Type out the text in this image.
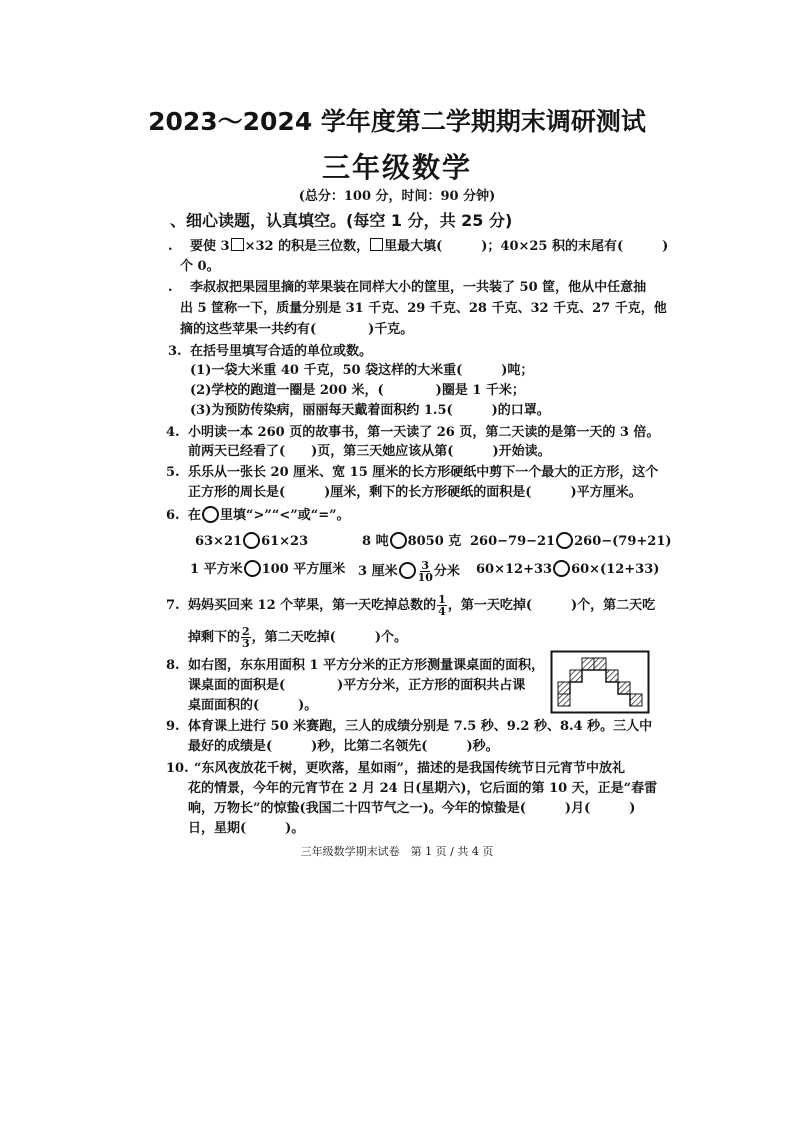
2023～2024 学年度第二学期期末调研测试
三年级数学
(总分：100 分，时间：90 分钟)
、细心读题，认真填空。(每空 1 分，共 25 分)
. 要使 3 ×32 的积是三位数， 里最大填(　　　)；40×25 积的末尾有(　　　)
个 0。
. 李叔叔把果园里摘的苹果装在同样大小的筐里，一共装了 50 筐，他从中任意抽
出 5 筐称一下，质量分别是 31 千克、29 千克、28 千克、32 千克、27 千克，他
摘的这些苹果一共约有(　　　　)千克。
3. 在括号里填写合适的单位或数。
(1)一袋大米重 40 千克，50 袋这样的大米重(　　　)吨；
(2)学校的跑道一圈是 200 米，(　　　　)圈是 1 千米；
(3)为预防传染病，丽丽每天戴着面积约 1.5(　　　)的口罩。
4. 小明读一本 260 页的故事书，第一天读了 26 页，第二天读的是第一天的 3 倍。
前两天已经看了(　　)页，第三天她应该从第(　　　)开始读。
5. 乐乐从一张长 20 厘米、宽 15 厘米的长方形硬纸中剪下一个最大的正方形，这个
正方形的周长是(　　　)厘米，剩下的长方形硬纸的面积是(　　　)平方厘米。
6. 在 里填“>”“<”或“=”。
63×21 61×23	8 吨 8050 克 260−79−21 260−(79+21)
1 平方米 100 平方厘米 3 厘米 $\frac{3}{10}$ 分米 60×12+33 60×(12+33)
7. 妈妈买回来 12 个苹果，第一天吃掉总数的 $\frac{1}{4}$ ，第一天吃掉(　　　)个，第二天吃
掉剩下的 $\frac{2}{3}$ ，第二天吃掉(　　　)个。
8. 如右图，东东用面积 1 平方分米的正方形测量课桌面的面积，
课桌面的面积是(　　　　)平方分米，正方形的面积共占课
桌面面积的(　　　)。
9. 体育课上进行 50 米赛跑，三人的成绩分别是 7.5 秒、9.2 秒、8.4 秒。三人中
最好的成绩是(　　　)秒，比第二名领先(　　　)秒。
10. “东风夜放花千树，更吹落，星如雨”，描述的是我国传统节日元宵节中放礼
花的情景，今年的元宵节在 2 月 24 日(星期六)，它后面的第 10 天，正是“春雷
响，万物长”的惊蛰(我国二十四节气之一)。今年的惊蛰是(　　　)月(　　　)
日，星期(　　　)。
三年级数学期末试卷　第 1 页 / 共 4 页
